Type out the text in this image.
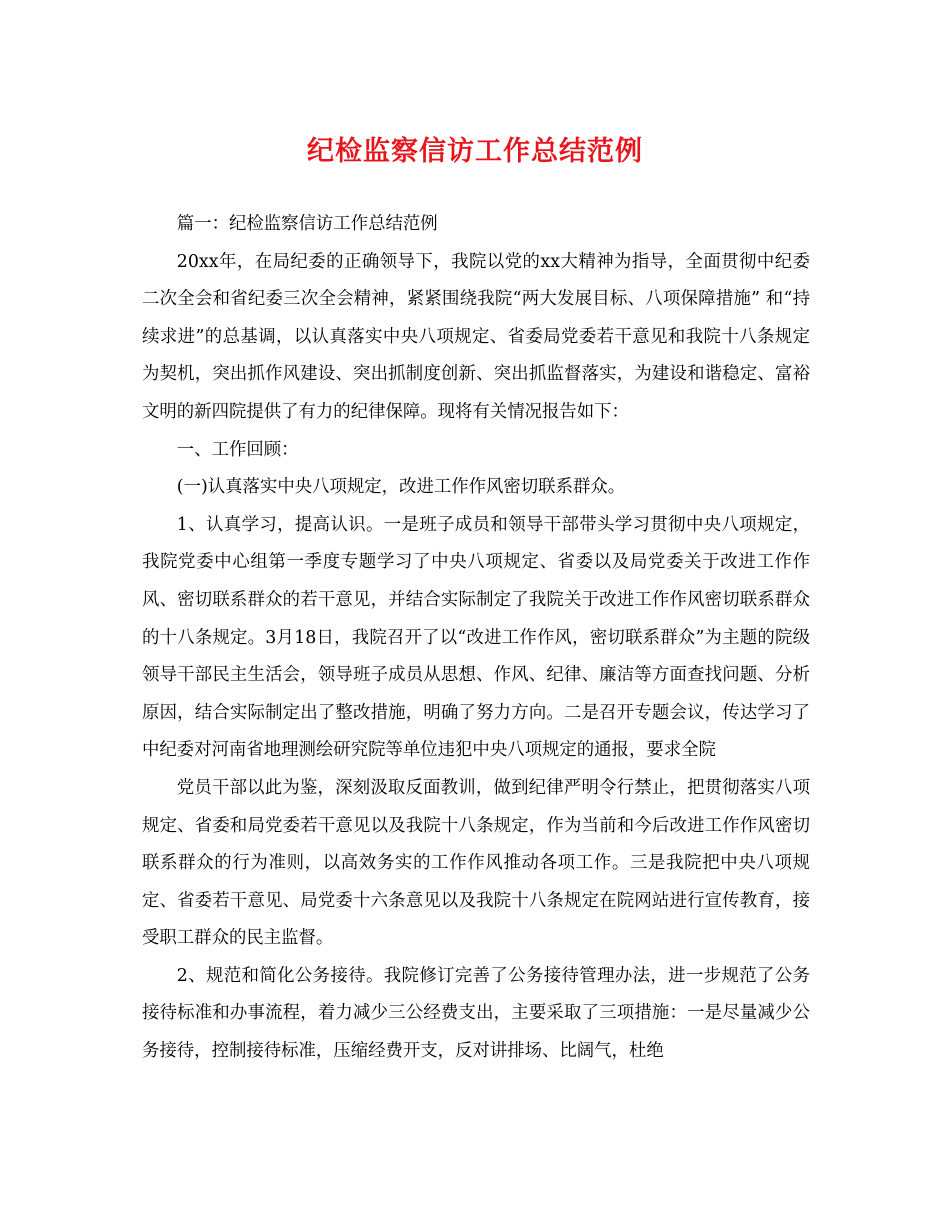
纪检监察信访工作总结范例

篇一：纪检监察信访工作总结范例

20xx年，在局纪委的正确领导下，我院以党的xx大精神为指导，全面贯彻中纪委二次全会和省纪委三次全会精神，紧紧围绕我院“两大发展目标、八项保障措施” 和“持续求进”的总基调，以认真落实中央八项规定、省委局党委若干意见和我院十八条规定为契机，突出抓作风建设、突出抓制度创新、突出抓监督落实，为建设和谐稳定、富裕文明的新四院提供了有力的纪律保障。现将有关情况报告如下：

一、工作回顾：

(一)认真落实中央八项规定，改进工作作风密切联系群众。

1、认真学习，提高认识。一是班子成员和领导干部带头学习贯彻中央八项规定，我院党委中心组第一季度专题学习了中央八项规定、省委以及局党委关于改进工作作风、密切联系群众的若干意见，并结合实际制定了我院关于改进工作作风密切联系群众的十八条规定。3月18日，我院召开了以“改进工作作风，密切联系群众”为主题的院级领导干部民主生活会，领导班子成员从思想、作风、纪律、廉洁等方面查找问题、分析原因，结合实际制定出了整改措施，明确了努力方向。二是召开专题会议，传达学习了中纪委对河南省地理测绘研究院等单位违犯中央八项规定的通报，要求全院

党员干部以此为鉴，深刻汲取反面教训，做到纪律严明令行禁止，把贯彻落实八项规定、省委和局党委若干意见以及我院十八条规定，作为当前和今后改进工作作风密切联系群众的行为准则，以高效务实的工作作风推动各项工作。三是我院把中央八项规定、省委若干意见、局党委十六条意见以及我院十八条规定在院网站进行宣传教育，接受职工群众的民主监督。

2、规范和简化公务接待。我院修订完善了公务接待管理办法，进一步规范了公务接待标准和办事流程，着力减少三公经费支出，主要采取了三项措施：一是尽量减少公务接待，控制接待标准，压缩经费开支，反对讲排场、比阔气，杜绝
